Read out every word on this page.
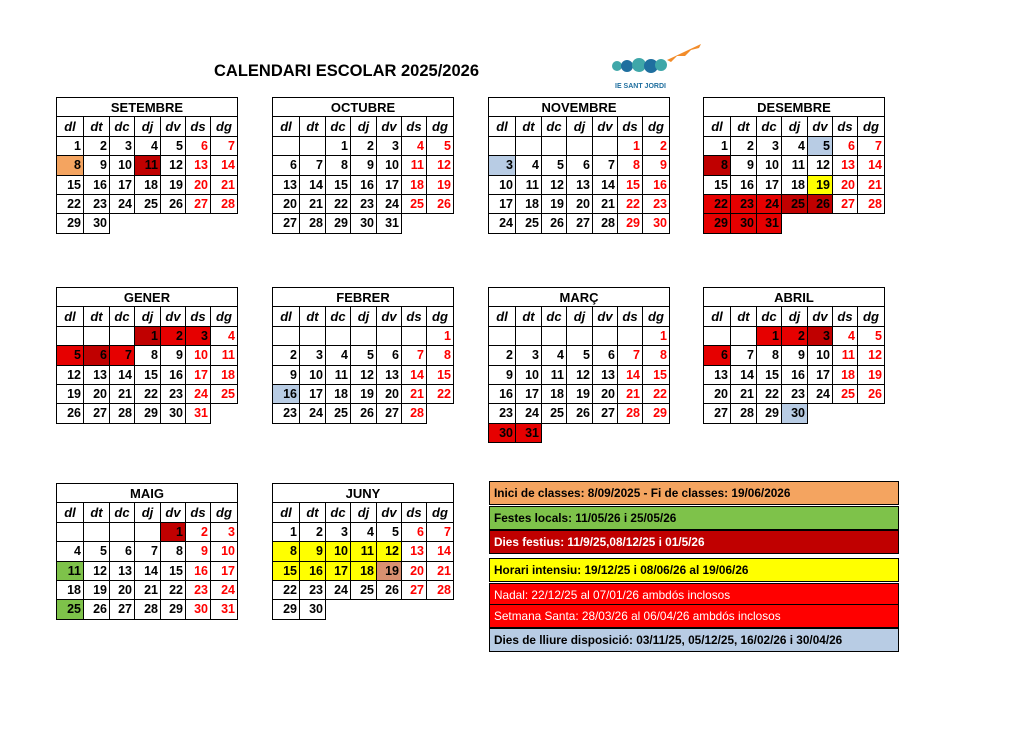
CALENDARI ESCOLAR 2025/2026
IE SANT JORDI
SETEMBRE						
dl	dt	dc	dj	dv	ds	dg
1	2	3	4	5	6	7
8	9	10	11	12	13	14
15	16	17	18	19	20	21
22	23	24	25	26	27	28
29	30					
OCTUBRE						
dl	dt	dc	dj	dv	ds	dg
		1	2	3	4	5
6	7	8	9	10	11	12
13	14	15	16	17	18	19
20	21	22	23	24	25	26
27	28	29	30	31		
NOVEMBRE						
dl	dt	dc	dj	dv	ds	dg
					1	2
3	4	5	6	7	8	9
10	11	12	13	14	15	16
17	18	19	20	21	22	23
24	25	26	27	28	29	30
DESEMBRE						
dl	dt	dc	dj	dv	ds	dg
1	2	3	4	5	6	7
8	9	10	11	12	13	14
15	16	17	18	19	20	21
22	23	24	25	26	27	28
29	30	31				
GENER						
dl	dt	dc	dj	dv	ds	dg
			1	2	3	4
5	6	7	8	9	10	11
12	13	14	15	16	17	18
19	20	21	22	23	24	25
26	27	28	29	30	31	
FEBRER						
dl	dt	dc	dj	dv	ds	dg
						1
2	3	4	5	6	7	8
9	10	11	12	13	14	15
16	17	18	19	20	21	22
23	24	25	26	27	28	
MARÇ						
dl	dt	dc	dj	dv	ds	dg
						1
2	3	4	5	6	7	8
9	10	11	12	13	14	15
16	17	18	19	20	21	22
23	24	25	26	27	28	29
30	31					
ABRIL						
dl	dt	dc	dj	dv	ds	dg
		1	2	3	4	5
6	7	8	9	10	11	12
13	14	15	16	17	18	19
20	21	22	23	24	25	26
27	28	29	30			
MAIG						
dl	dt	dc	dj	dv	ds	dg
				1	2	3
4	5	6	7	8	9	10
11	12	13	14	15	16	17
18	19	20	21	22	23	24
25	26	27	28	29	30	31

JUNY						
dl	dt	dc	dj	dv	ds	dg
1	2	3	4	5	6	7
8	9	10	11	12	13	14
15	16	17	18	19	20	21
22	23	24	25	26	27	28
29	30					

Inici de classes: 8/09/2025 - Fi de classes: 19/06/2026
Festes locals: 11/05/26 i 25/05/26
Dies festius: 11/9/25,08/12/25 i 01/5/26
Horari intensiu: 19/12/25 i 08/06/26 al 19/06/26
Nadal: 22/12/25 al 07/01/26 ambdós inclosos
Setmana Santa: 28/03/26 al 06/04/26 ambdós inclosos
Dies de lliure disposició: 03/11/25, 05/12/25, 16/02/26 i 30/04/26
